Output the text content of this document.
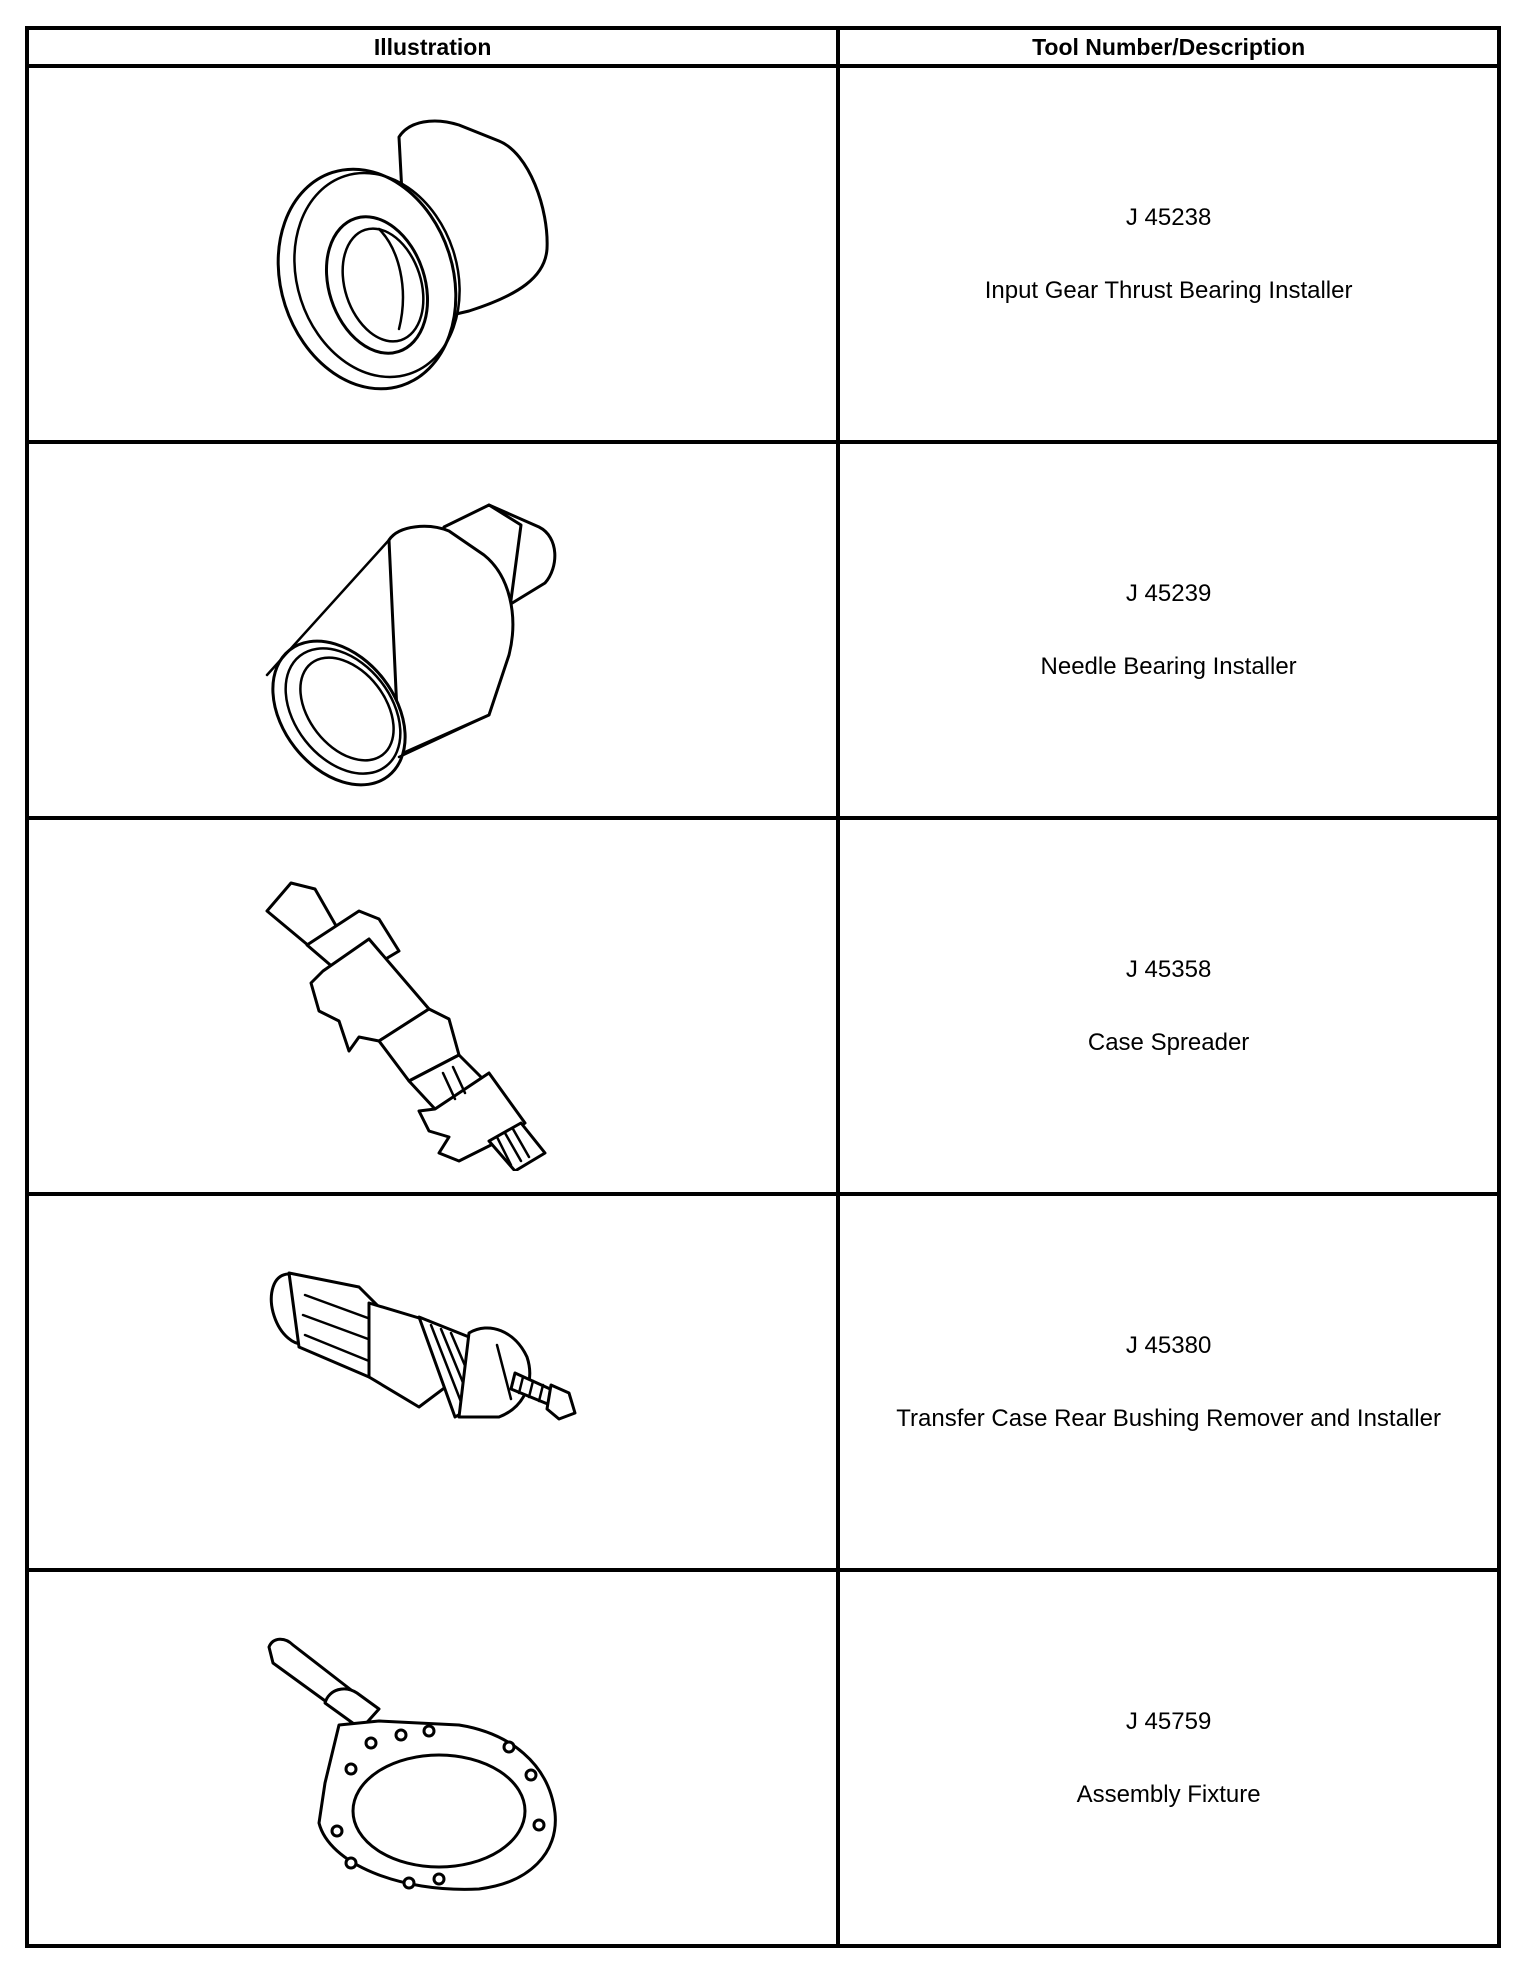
Illustration	Tool Number/Description

J 45238
Input Gear Thrust Bearing Installer

J 45239
Needle Bearing Installer

J 45358
Case Spreader

J 45380
Transfer Case Rear Bushing Remover and Installer

J 45759
Assembly Fixture
